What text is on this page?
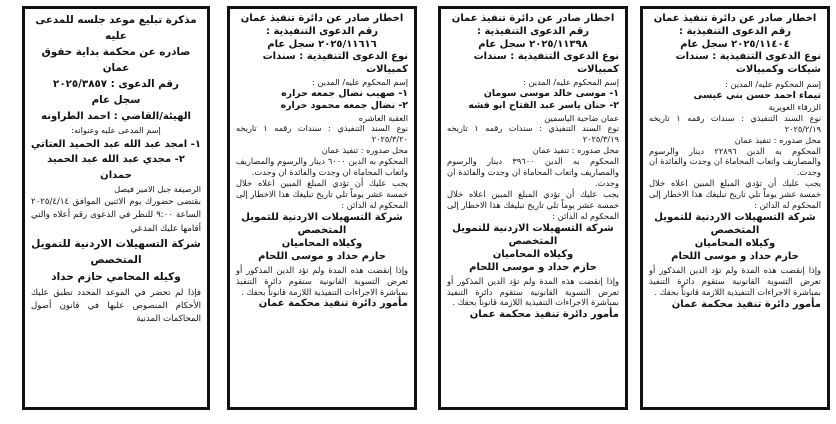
اخطار صادر عن دائرة تنفيذ عمان
رقم الدعوى التنفيذية :
٢٠٢٥/١١٤٠٤ سجل عام
نوع الدعوى التنفيذية : سندات شيكات وكمبيالات
إسم المحكوم عليه/ المدين :
تيماء احمد حسن بني عيسى
الزرقاء الغويرية
نوع السند التنفيذي : سندات رقمه ١ تاريخه ٢٠٢٥/٢/١٩
محل صدوره : تنفيذ عمان
المحكوم به الدين ٢٢٨٩٦ دينار والرسوم والمصاريف واتعاب المحاماة ان وجدت والفائدة ان وجدت.
يجب عليك أن تؤدي المبلغ المبين اعلاه خلال خمسة عشر يوماً تلي تاريخ تبليغك هذا الاخطار إلى المحكوم له الدائن :
شركة التسهيلات الاردنية للتمويل
المتخصص
وكيلاه المحاميان
حازم حداد و موسى اللحام
وإذا إنقضت هذه المدة ولم تؤد الدين المذكور أو تعرض التسوية القانونية ستقوم دائرة التنفيذ بمباشرة الاجراءات التنفيذية اللازمة قانوناً بحقك .
مأمور دائرة تنفيذ محكمة عمان
اخطار صادر عن دائرة تنفيذ عمان
رقم الدعوى التنفيذية :
٢٠٢٥/١١٣٩٨ سجل عام
نوع الدعوى التنفيذية : سندات كمبيالات
إسم المحكوم عليه/ المدين :
١- موسى خالد موسى سومان
٢- حنان ياسر عبد الفتاح ابو فشه
عمان ضاحية الياسمين
نوع السند التنفيذي : سندات رقمه ١ تاريخه ٢٠٢٥/٣/١٩
محل صدوره : تنفيذ عمان
المحكوم به الدين ٣٩٦٠٠ دينار والرسوم والمصاريف واتعاب المحاماة ان وجدت والفائدة ان وجدت.
يجب عليك أن تؤدي المبلغ المبين اعلاه خلال خمسة عشر يوماً تلي تاريخ تبليغك هذا الاخطار إلى المحكوم له الدائن :
شركة التسهيلات الاردنية للتمويل
المتخصص
وكيلاه المحاميان
حازم حداد و موسى اللحام
وإذا إنقضت هذه المدة ولم تؤد الدين المذكور أو تعرض التسوية القانونية ستقوم دائرة التنفيذ بمباشرة الاجراءات التنفيذية اللازمة قانوناً بحقك .
مأمور دائرة تنفيذ محكمة عمان
اخطار صادر عن دائرة تنفيذ عمان
رقم الدعوى التنفيذية :
٢٠٢٥/١١٦١٦ سجل عام
نوع الدعوى التنفيذية : سندات كمبيالات
إسم المحكوم عليه/ المدين :
١- صهيب نضال جمعه حراره
٢- نضال جمعه محمود حراره
العقبة العاشره
نوع السند التنفيذي : سندات رقمه ١ تاريخه ٢٠٢٥/٣/٢٠
محل صدوره : تنفيذ عمان
المحكوم به الدين ٦٠٠٠ دينار والرسوم والمصاريف واتعاب المحاماة ان وجدت والفائدة ان وجدت.
يجب عليك أن تؤدي المبلغ المبين اعلاه خلال خمسة عشر يوماً تلي تاريخ تبليغك هذا الاخطار إلى المحكوم له الدائن :
شركة التسهيلات الاردنية للتمويل
المتخصص
وكيلاه المحاميان
حازم حداد و موسى اللحام
وإذا إنقضت هذه المدة ولم تؤد الدين المذكور أو تعرض التسوية القانونية ستقوم دائرة التنفيذ بمباشرة الاجراءات التنفيذية اللازمة قانوناً بحقك .
مأمور دائرة تنفيذ محكمة عمان
مذكرة تبليغ موعد جلسه للمدعى عليه
صادره عن محكمة بداية حقوق عمان
رقم الدعوى : ٢٠٢٥/٣٨٥٧
سجل عام
الهيئة/القاضي : احمد الطراونه
إسم المدعى عليه وعنوانه:
١- امجد عبد الله عبد الحميد العتاتي
٢- مجدي عبد الله عبد الحميد حمدان
الرصيفة جبل الامير فيصل
بقتضى حضورك يوم الاثنين الموافق ٢٠٢٥/٤/١٤ الساعة ٩:٠٠ للنظر في الدعوى رقم أعلاه والتي أقامها عليك المدعي
شركة التسهيلات الاردنية للتمويل
المتخصص
وكيله المحامي حازم حداد
فإذا لم تحضر في الموعد المحدد تطبق عليك الأحكام المنصوص عليها في قانون أصول المحاكمات المدنية
